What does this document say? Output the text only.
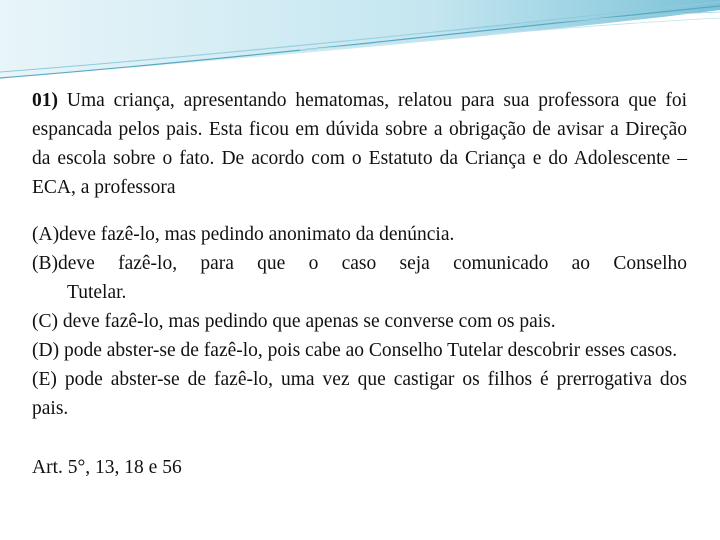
01) Uma criança, apresentando hematomas, relatou para sua professora que foi espancada pelos pais. Esta ficou em dúvida sobre a obrigação de avisar a Direção da escola sobre o fato. De acordo com o Estatuto da Criança e do Adolescente – ECA, a professora

(A)deve fazê-lo, mas pedindo anonimato da denúncia.

(B)deve fazê-lo, para que o caso seja comunicado ao Conselho
Tutelar.

(C) deve fazê-lo, mas pedindo que apenas se converse com os pais.

(D) pode abster-se de fazê-lo, pois cabe ao Conselho Tutelar descobrir esses casos.

(E) pode abster-se de fazê-lo, uma vez que castigar os filhos é prerrogativa dos pais.

Art. 5°, 13, 18 e 56
